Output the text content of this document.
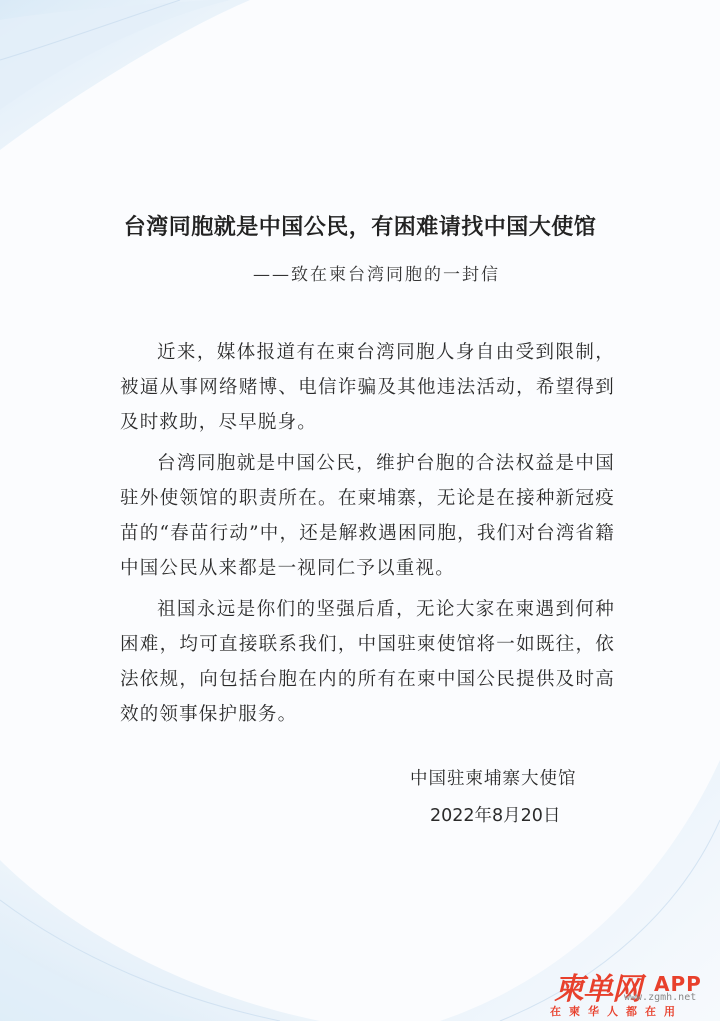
台湾同胞就是中国公民，有困难请找中国大使馆
——致在柬台湾同胞的一封信

近来，媒体报道有在柬台湾同胞人身自由受到限制，被逼从事网络赌博、电信诈骗及其他违法活动，希望得到及时救助，尽早脱身。

台湾同胞就是中国公民，维护台胞的合法权益是中国驻外使领馆的职责所在。在柬埔寨，无论是在接种新冠疫苗的“春苗行动”中，还是解救遇困同胞，我们对台湾省籍中国公民从来都是一视同仁予以重视。

祖国永远是你们的坚强后盾，无论大家在柬遇到何种困难，均可直接联系我们，中国驻柬使馆将一如既往，依法依规，向包括台胞在内的所有在柬中国公民提供及时高效的领事保护服务。

中国驻柬埔寨大使馆
2022年8月20日
柬单网 APP
www.zgmh.net
在柬华人都在用
